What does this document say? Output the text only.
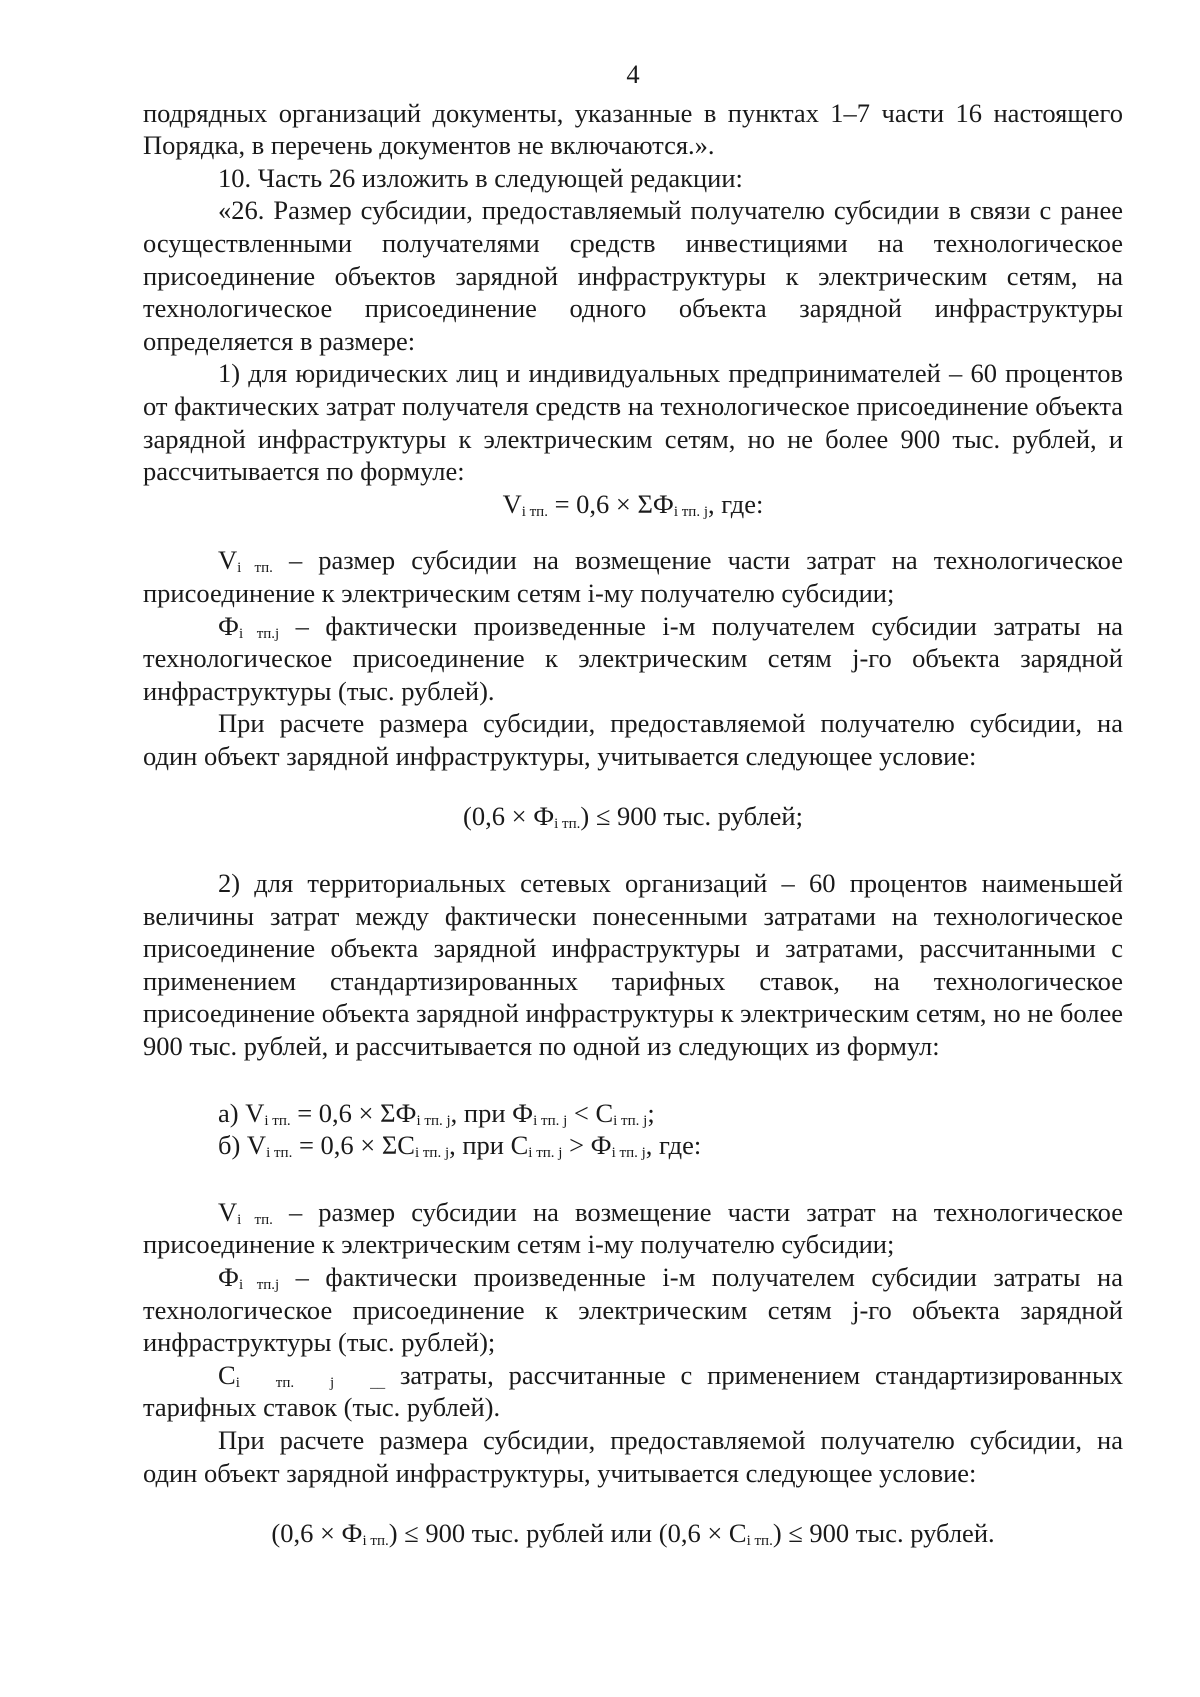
4

подрядных организаций документы, указанные в пунктах 1–7 части 16 настоящего Порядка, в перечень документов не включаются.».

10. Часть 26 изложить в следующей редакции:

«26. Размер субсидии, предоставляемый получателю субсидии в связи с ранее осуществленными получателями средств инвестициями на технологическое присоединение объектов зарядной инфраструктуры к электрическим сетям, на технологическое присоединение одного объекта зарядной инфраструктуры определяется в размере:

1) для юридических лиц и индивидуальных предпринимателей – 60 процентов от фактических затрат получателя средств на технологическое присоединение объекта зарядной инфраструктуры к электрическим сетям, но не более 900 тыс. рублей, и рассчитывается по формуле:

$V_{i тп.} = 0,6 \times \Sigma Ф_{i тп. j}$, где:

$V_{i тп.}$ – размер субсидии на возмещение части затрат на технологическое присоединение к электрическим сетям i-му получателю субсидии;

$Ф_{i тп.j}$ – фактически произведенные i-м получателем субсидии затраты на технологическое присоединение к электрическим сетям j-го объекта зарядной инфраструктуры (тыс. рублей).

При расчете размера субсидии, предоставляемой получателю субсидии, на один объект зарядной инфраструктуры, учитывается следующее условие:

$(0,6 \times Ф_{i тп.}) \le 900$ тыс. рублей;

2) для территориальных сетевых организаций – 60 процентов наименьшей величины затрат между фактически понесенными затратами на технологическое присоединение объекта зарядной инфраструктуры и затратами, рассчитанными с применением стандартизированных тарифных ставок, на технологическое присоединение объекта зарядной инфраструктуры к электрическим сетям, но не более 900 тыс. рублей, и рассчитывается по одной из следующих из формул:

а) $V_{i тп.} = 0,6 \times \Sigma Ф_{i тп. j}$, при $Ф_{i тп. j} < С_{i тп. j}$;

б) $V_{i тп.} = 0,6 \times \Sigma С_{i тп. j}$, при $С_{i тп. j} > Ф_{i тп. j}$, где:

$V_{i тп.}$ – размер субсидии на возмещение части затрат на технологическое присоединение к электрическим сетям i-му получателю субсидии;

$Ф_{i тп.j}$ – фактически произведенные i-м получателем субсидии затраты на технологическое присоединение к электрическим сетям j-го объекта зарядной инфраструктуры (тыс. рублей);

$С_{i тп. j \_\_}$ затраты, рассчитанные с применением стандартизированных тарифных ставок (тыс. рублей).

При расчете размера субсидии, предоставляемой получателю субсидии, на один объект зарядной инфраструктуры, учитывается следующее условие:

$(0,6 \times Ф_{i тп.}) \le 900$ тыс. рублей или $(0,6 \times С_{i тп.}) \le 900$ тыс. рублей.
